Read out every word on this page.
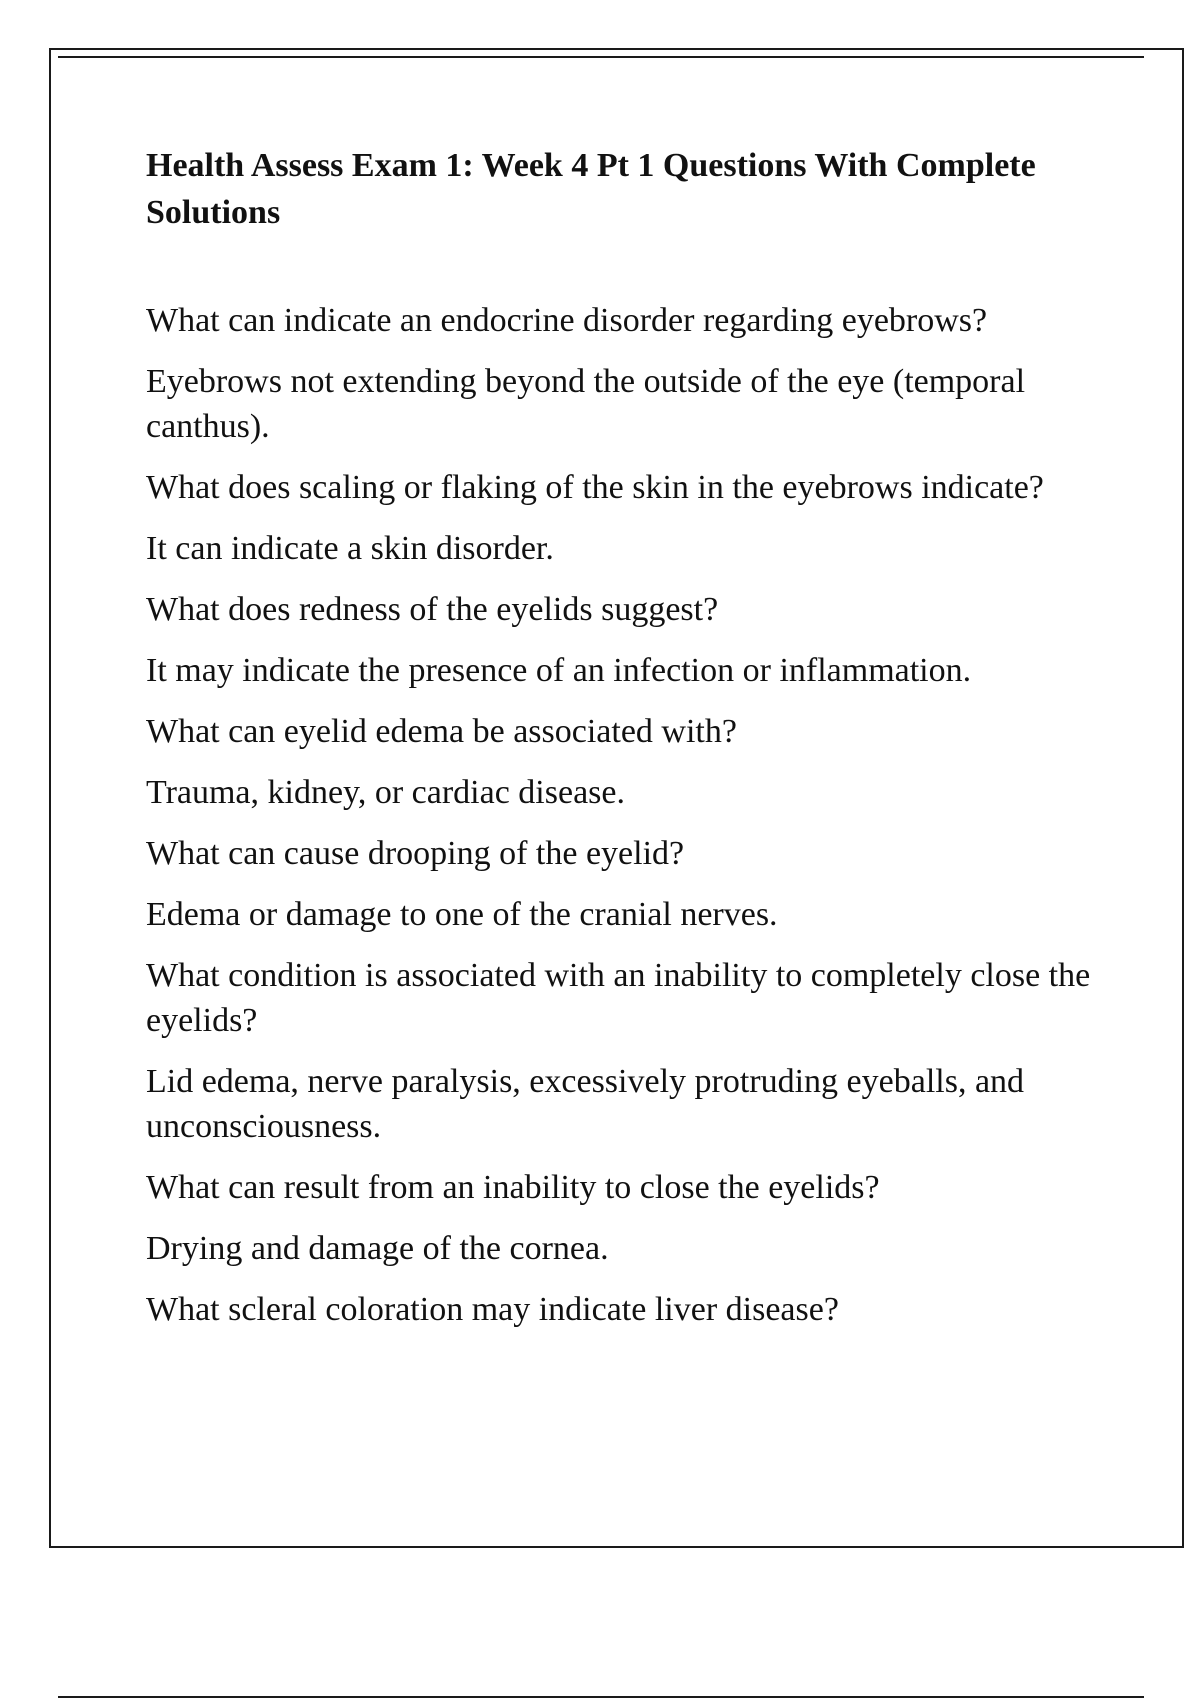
Health Assess Exam 1: Week 4 Pt 1 Questions With Complete Solutions

What can indicate an endocrine disorder regarding eyebrows?

Eyebrows not extending beyond the outside of the eye (temporal canthus).

What does scaling or flaking of the skin in the eyebrows indicate?

It can indicate a skin disorder.

What does redness of the eyelids suggest?

It may indicate the presence of an infection or inflammation.

What can eyelid edema be associated with?

Trauma, kidney, or cardiac disease.

What can cause drooping of the eyelid?

Edema or damage to one of the cranial nerves.

What condition is associated with an inability to completely close the eyelids?

Lid edema, nerve paralysis, excessively protruding eyeballs, and unconsciousness.

What can result from an inability to close the eyelids?

Drying and damage of the cornea.

What scleral coloration may indicate liver disease?
